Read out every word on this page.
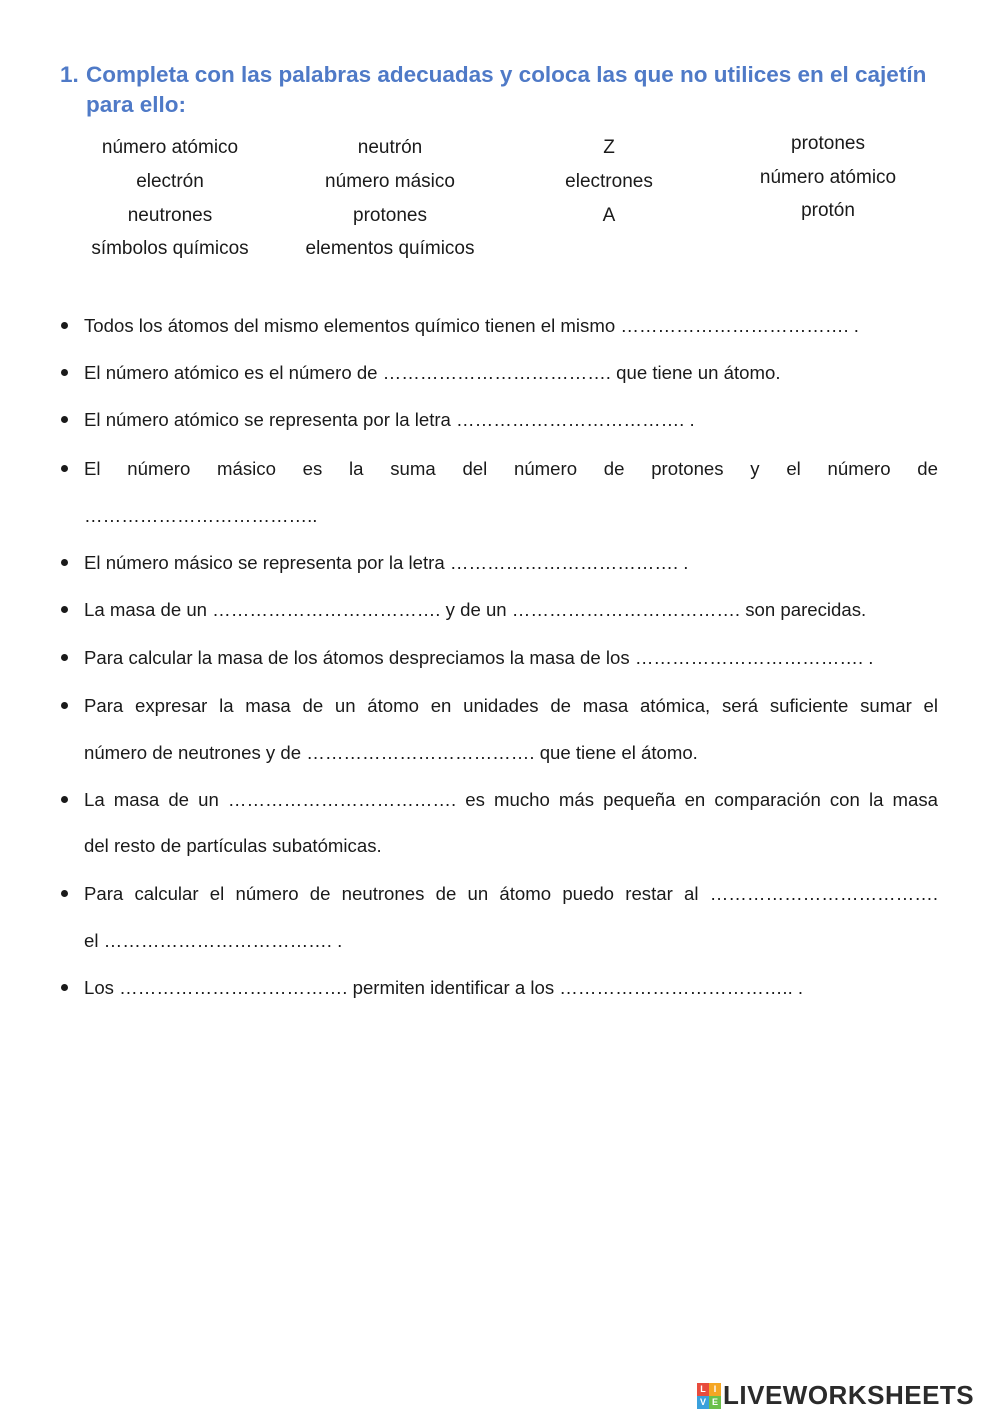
1. Completa con las palabras adecuadas y coloca las que no utilices en el cajetín para ello:
número atómico
electrón
neutrones
símbolos químicos
neutrón
número másico
protones
elementos químicos
Z
electrones
A
protones
número atómico
protón
Todos los átomos del mismo elementos químico tienen el mismo ………………………………. .
El número atómico es el número de ………………………………. que tiene un átomo.
El número atómico se representa por la letra ………………………………. .
El número másico es la suma del número de protones y el número de
………………………………..
El número másico se representa por la letra ………………………………. .
La masa de un ………………………………. y de un ………………………………. son parecidas.
Para calcular la masa de los átomos despreciamos la masa de los ………………………………. .
Para expresar la masa de un átomo en unidades de masa atómica, será suficiente sumar el
número de neutrones y de ………………………………. que tiene el átomo.
La masa de un ………………………………. es mucho más pequeña en comparación con la masa
del resto de partículas subatómicas.
Para calcular el número de neutrones de un átomo puedo restar al ……………………………….
el ………………………………. .
Los ………………………………. permiten identificar a los ……………………………….. .
L I
V E LIVEWORKSHEETS
